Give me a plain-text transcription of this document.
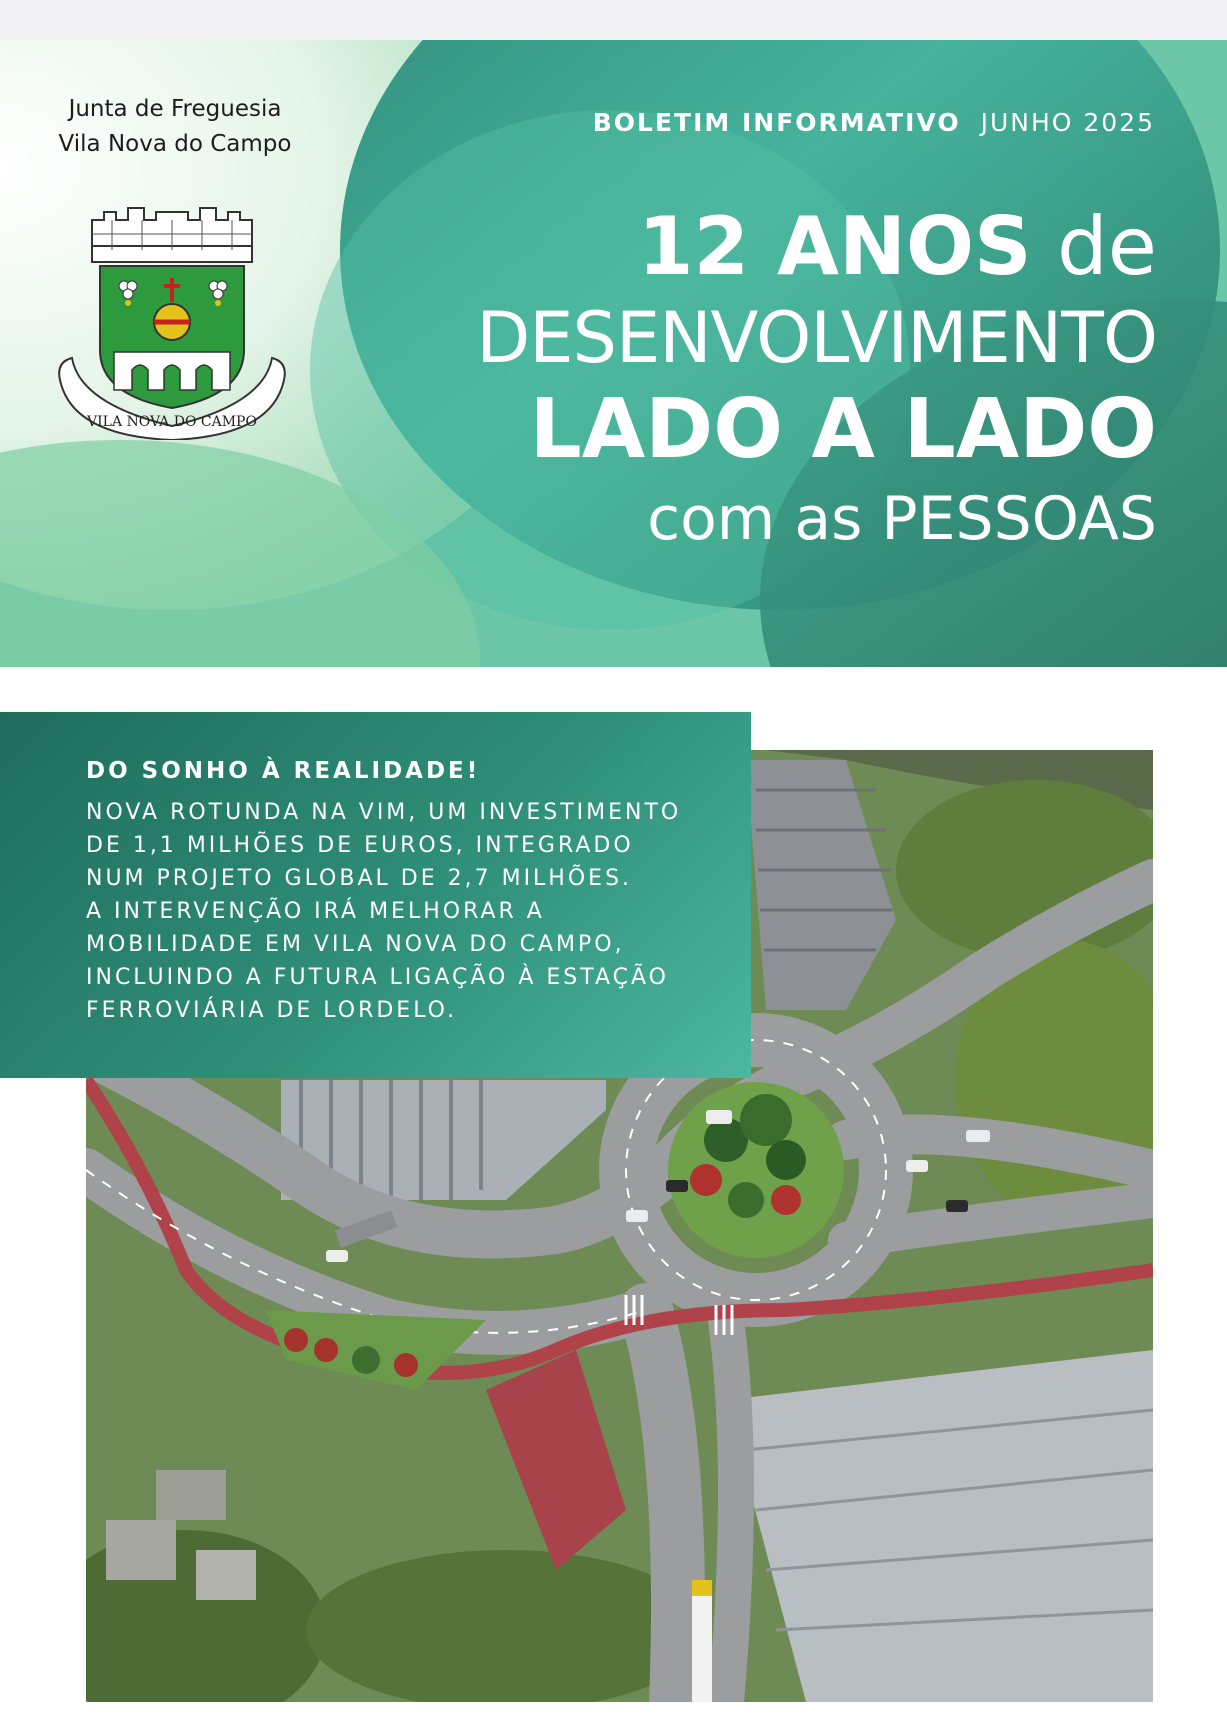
Junta de Freguesia
Vila Nova do Campo
VILA NOVA DO CAMPO
BOLETIM INFORMATIVO JUNHO 2025
12 ANOS de
DESENVOLVIMENTO
LADO A LADO
com as PESSOAS
DO SONHO À REALIDADE!
NOVA ROTUNDA NA VIM, UM INVESTIMENTO
DE 1,1 MILHÕES DE EUROS, INTEGRADO
NUM PROJETO GLOBAL DE 2,7 MILHÕES.
A INTERVENÇÃO IRÁ MELHORAR A
MOBILIDADE EM VILA NOVA DO CAMPO,
INCLUINDO A FUTURA LIGAÇÃO À ESTAÇÃO
FERROVIÁRIA DE LORDELO.
